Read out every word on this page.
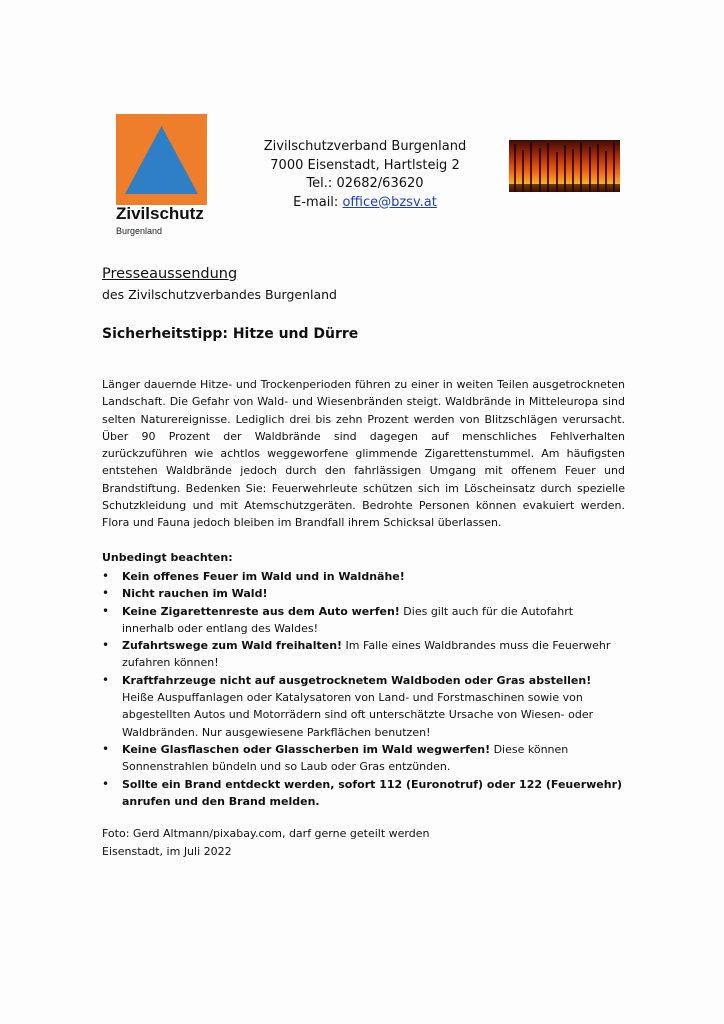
Zivilschutz
Burgenland
Zivilschutzverband Burgenland
7000 Eisenstadt, Hartlsteig 2
Tel.: 02682/63620
E-mail: office@bzsv.at
Presseaussendung
des Zivilschutzverbandes Burgenland
Sicherheitstipp: Hitze und Dürre

Länger dauernde Hitze- und Trockenperioden führen zu einer in weiten Teilen ausgetrockneten Landschaft. Die Gefahr von Wald- und Wiesenbränden steigt. Waldbrände in Mitteleuropa sind selten Naturereignisse. Lediglich drei bis zehn Prozent werden von Blitzschlägen verursacht. Über 90 Prozent der Waldbrände sind dagegen auf menschliches Fehlverhalten zurückzuführen wie achtlos weggeworfene glimmende Zigarettenstummel. Am häufigsten entstehen Waldbrände jedoch durch den fahrlässigen Umgang mit offenem Feuer und Brandstiftung. Bedenken Sie: Feuerwehrleute schützen sich im Löscheinsatz durch spezielle Schutzkleidung und mit Atemschutzgeräten. Bedrohte Personen können evakuiert werden. Flora und Fauna jedoch bleiben im Brandfall ihrem Schicksal überlassen.

Unbedingt beachten:
• Kein offenes Feuer im Wald und in Waldnähe!
• Nicht rauchen im Wald!
• Keine Zigarettenreste aus dem Auto werfen! Dies gilt auch für die Autofahrt innerhalb oder entlang des Waldes!
• Zufahrtswege zum Wald freihalten! Im Falle eines Waldbrandes muss die Feuerwehr zufahren können!
• Kraftfahrzeuge nicht auf ausgetrocknetem Waldboden oder Gras abstellen! Heiße Auspuffanlagen oder Katalysatoren von Land- und Forstmaschinen sowie von abgestellten Autos und Motorrädern sind oft unterschätzte Ursache von Wiesen- oder Waldbränden. Nur ausgewiesene Parkflächen benutzen!
• Keine Glasflaschen oder Glasscherben im Wald wegwerfen! Diese können Sonnenstrahlen bündeln und so Laub oder Gras entzünden.
• Sollte ein Brand entdeckt werden, sofort 112 (Euronotruf) oder 122 (Feuerwehr) anrufen und den Brand melden.
Foto: Gerd Altmann/pixabay.com, darf gerne geteilt werden
Eisenstadt, im Juli 2022
